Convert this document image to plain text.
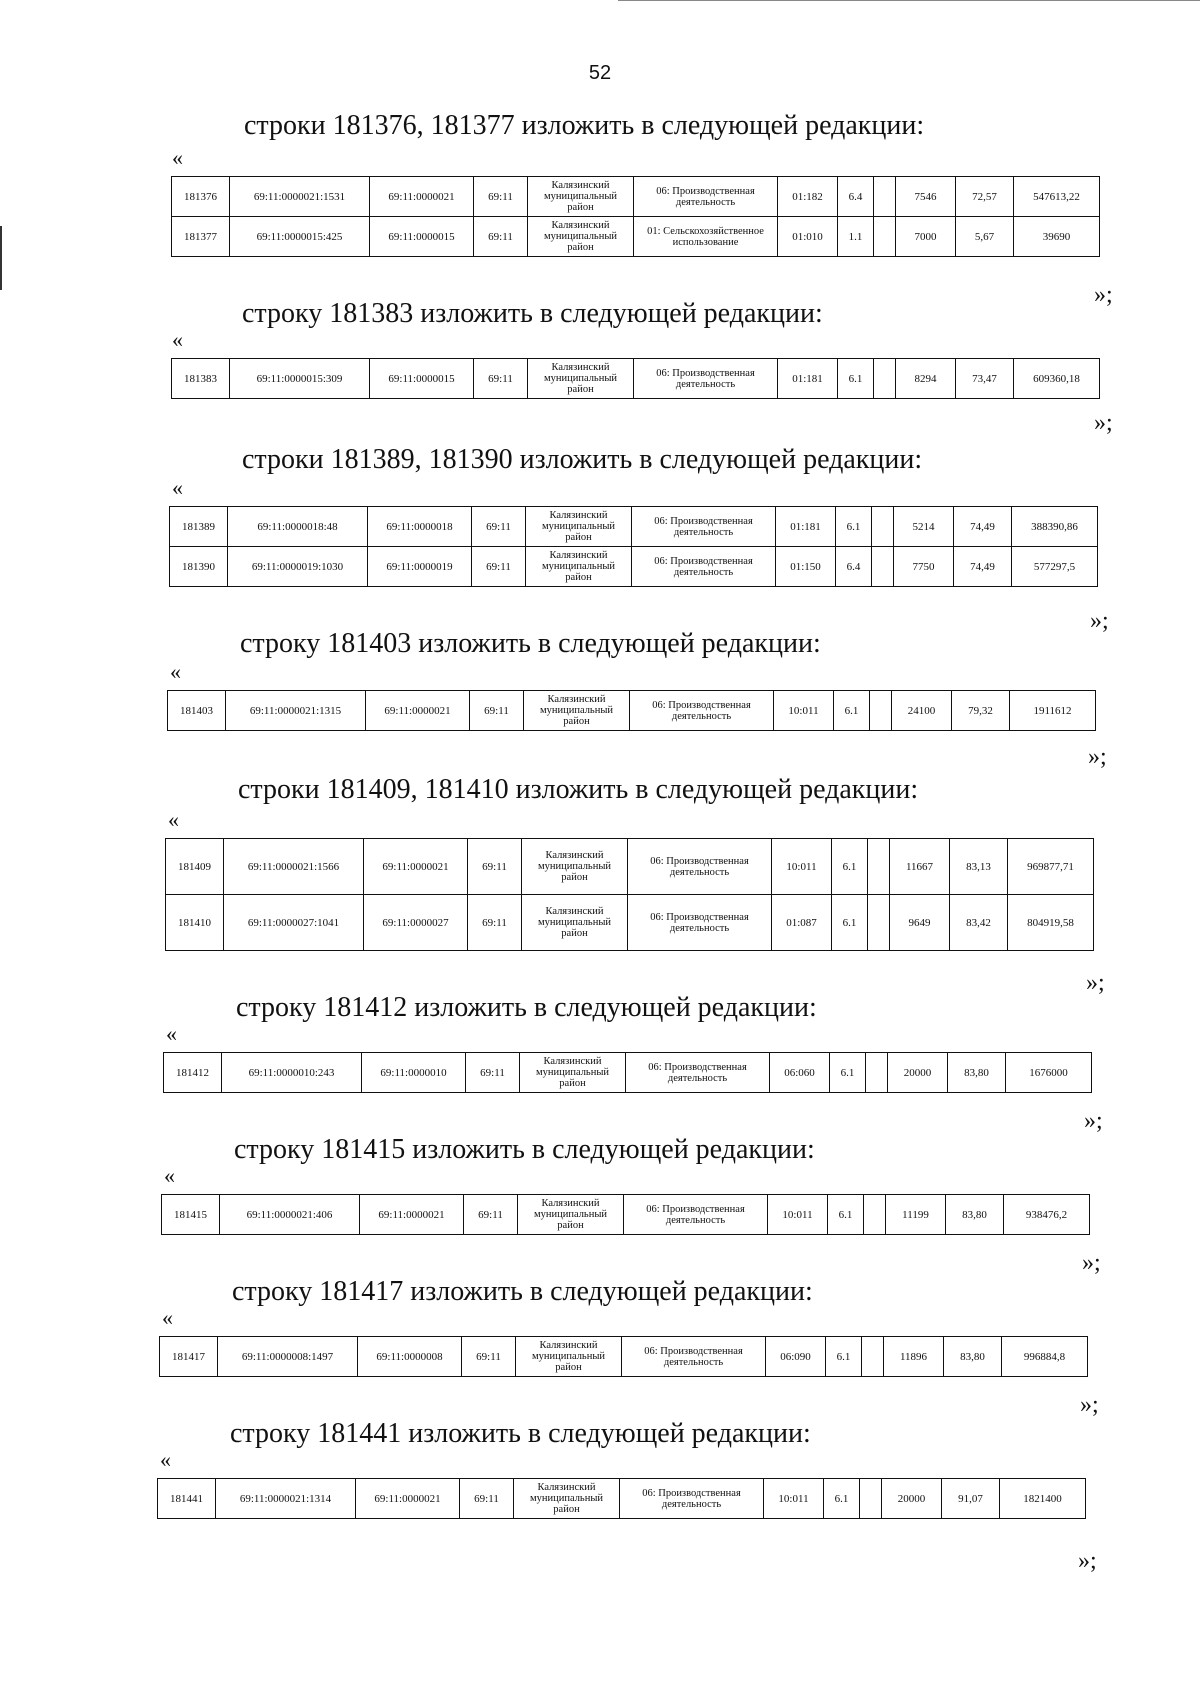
52
строки 181376, 181377 изложить в следующей редакции:
«
181376	69:11:0000021:1531	69:11:0000021	69:11	Калязинский муниципальный район	06: Производственная деятельность	01:182	6.4		7546	72,57	547613,22
181377	69:11:0000015:425	69:11:0000015	69:11	Калязинский муниципальный район	01: Сельскохозяйственное использование	01:010	1.1		7000	5,67	39690
»;
строку 181383 изложить в следующей редакции:
«
181383	69:11:0000015:309	69:11:0000015	69:11	Калязинский муниципальный район	06: Производственная деятельность	01:181	6.1		8294	73,47	609360,18
»;
строки 181389, 181390 изложить в следующей редакции:
«
181389	69:11:0000018:48	69:11:0000018	69:11	Калязинский муниципальный район	06: Производственная деятельность	01:181	6.1		5214	74,49	388390,86
181390	69:11:0000019:1030	69:11:0000019	69:11	Калязинский муниципальный район	06: Производственная деятельность	01:150	6.4		7750	74,49	577297,5
»;
строку 181403 изложить в следующей редакции:
«
181403	69:11:0000021:1315	69:11:0000021	69:11	Калязинский муниципальный район	06: Производственная деятельность	10:011	6.1		24100	79,32	1911612
»;
строки 181409, 181410 изложить в следующей редакции:
«
181409	69:11:0000021:1566	69:11:0000021	69:11	Калязинский муниципальный район	06: Производственная деятельность	10:011	6.1		11667	83,13	969877,71
181410	69:11:0000027:1041	69:11:0000027	69:11	Калязинский муниципальный район	06: Производственная деятельность	01:087	6.1		9649	83,42	804919,58
»;
строку 181412 изложить в следующей редакции:
«
181412	69:11:0000010:243	69:11:0000010	69:11	Калязинский муниципальный район	06: Производственная деятельность	06:060	6.1		20000	83,80	1676000
»;
строку 181415 изложить в следующей редакции:
«
181415	69:11:0000021:406	69:11:0000021	69:11	Калязинский муниципальный район	06: Производственная деятельность	10:011	6.1		11199	83,80	938476,2
»;
строку 181417 изложить в следующей редакции:
«
181417	69:11:0000008:1497	69:11:0000008	69:11	Калязинский муниципальный район	06: Производственная деятельность	06:090	6.1		11896	83,80	996884,8
»;
строку 181441 изложить в следующей редакции:
«
181441	69:11:0000021:1314	69:11:0000021	69:11	Калязинский муниципальный район	06: Производственная деятельность	10:011	6.1		20000	91,07	1821400
»;
